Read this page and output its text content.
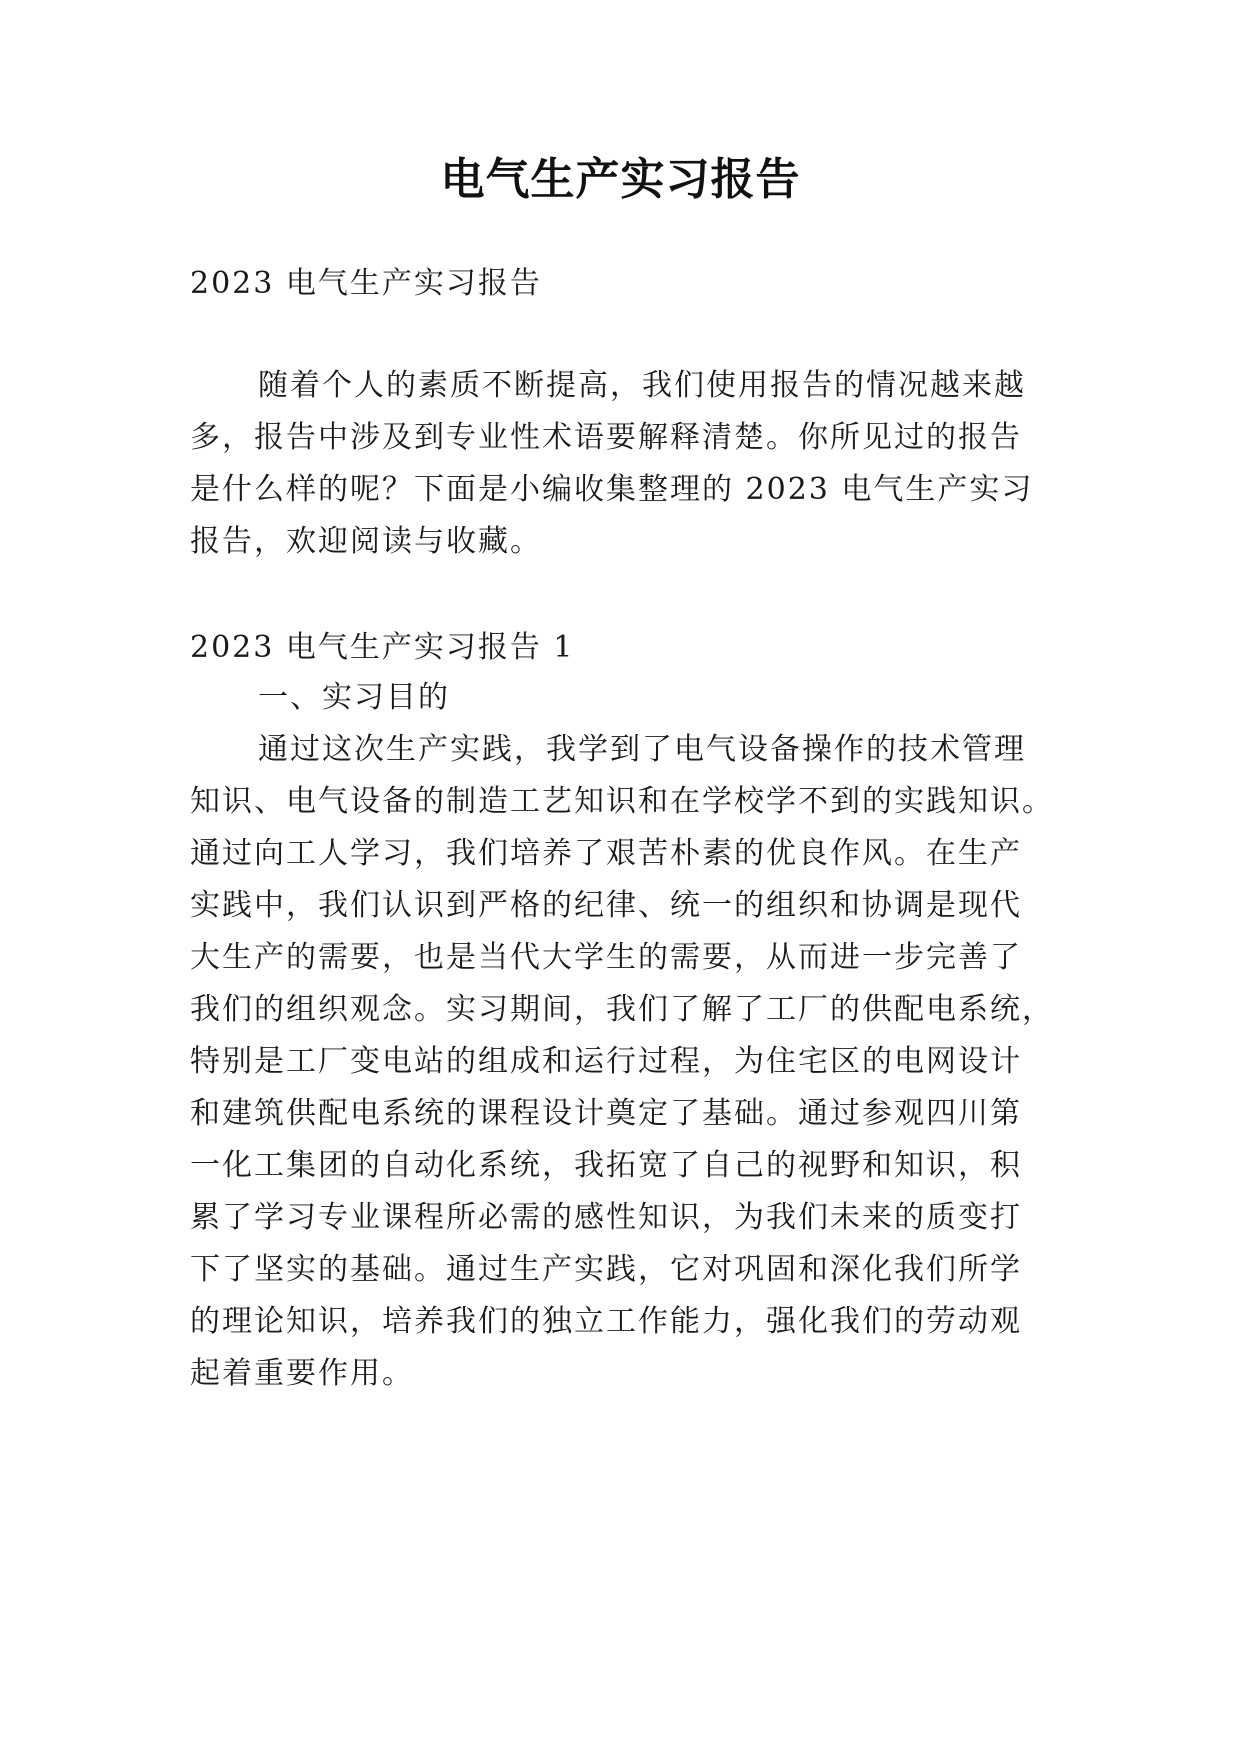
电气生产实习报告
2023 电气生产实习报告
随着个人的素质不断提高，我们使用报告的情况越来越
多，报告中涉及到专业性术语要解释清楚。你所见过的报告
是什么样的呢？下面是小编收集整理的 2023 电气生产实习
报告，欢迎阅读与收藏。
2023 电气生产实习报告 1
一、实习目的
通过这次生产实践，我学到了电气设备操作的技术管理
知识、电气设备的制造工艺知识和在学校学不到的实践知识。
通过向工人学习，我们培养了艰苦朴素的优良作风。在生产
实践中，我们认识到严格的纪律、统一的组织和协调是现代
大生产的需要，也是当代大学生的需要，从而进一步完善了
我们的组织观念。实习期间，我们了解了工厂的供配电系统，
特别是工厂变电站的组成和运行过程，为住宅区的电网设计
和建筑供配电系统的课程设计奠定了基础。通过参观四川第
一化工集团的自动化系统，我拓宽了自己的视野和知识，积
累了学习专业课程所必需的感性知识，为我们未来的质变打
下了坚实的基础。通过生产实践，它对巩固和深化我们所学
的理论知识，培养我们的独立工作能力，强化我们的劳动观
起着重要作用。
